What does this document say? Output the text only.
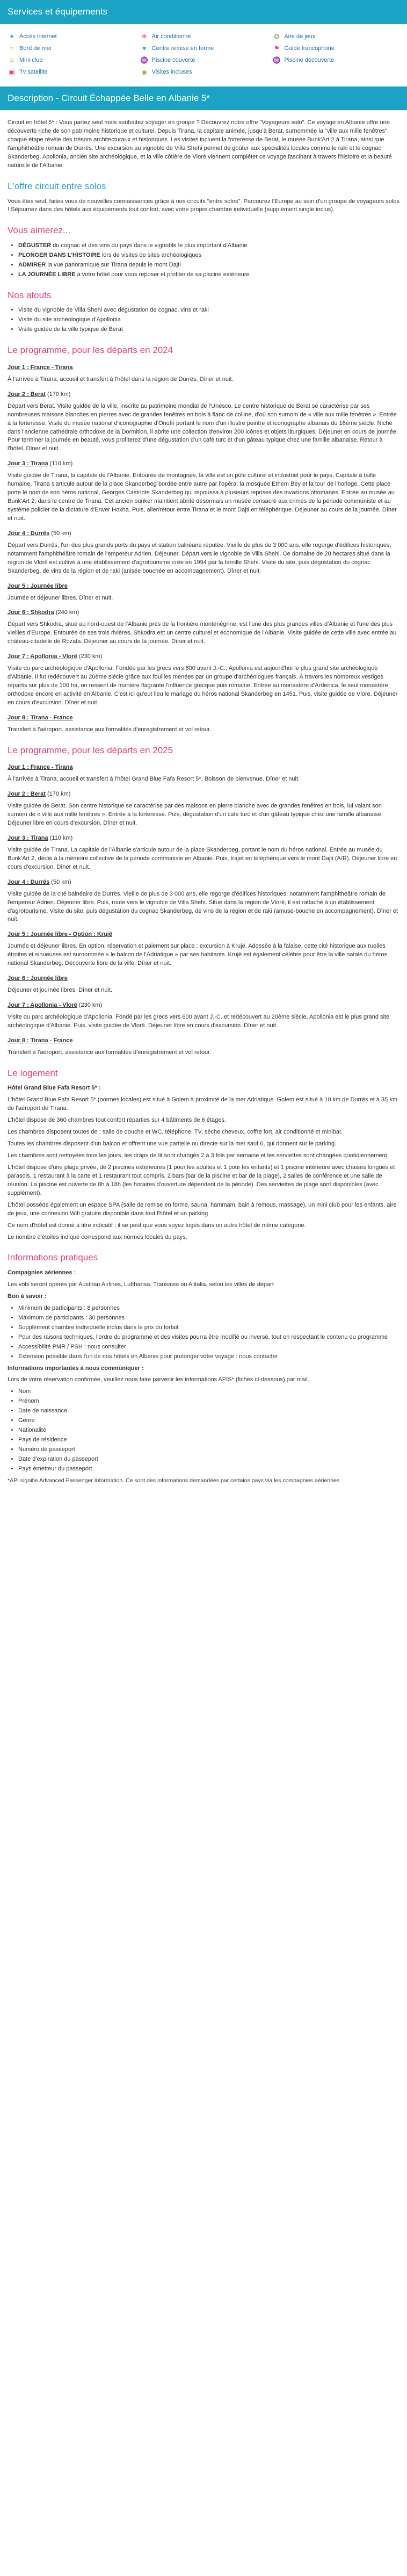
Services et équipements
✦ Accès internet	❄ Air conditionné	✪ Aire de jeux
≈ Bord de mer	♥ Centre remise en forme	⚑ Guide francophone
☺ Mini club	♒ Piscine couverte	♒ Piscine découverte
▣ Tv satellite	◉ Visites incluses
Description - Circuit Échappée Belle en Albanie 5*

Circuit en hôtel 5* : Vous partez seul mais souhaitez voyager en groupe ? Découvrez notre offre "Voyageurs solo". Ce voyage en Albanie offre une découverte riche de son patrimoine historique et culturel. Depuis Tirana, la capitale animée, jusqu'à Berat, surnommée la "ville aux mille fenêtres", chaque étape révèle des trésors architecturaux et historiques. Les visites incluent la forteresse de Berat, le musée Bunk'Art 2 à Tirana, ainsi que l'amphithéâtre romain de Durrës. Une excursion au vignoble de Villa Shehi permet de goûter aux spécialités locales comme le raki et le cognac Skanderbeg. Apollonia, ancien site archéologique, et la ville côtière de Vlorë viennent compléter ce voyage fascinant à travers l'histoire et la beauté naturelle de l'Albanie.

L'offre circuit entre solos

Vous êtes seul, faites vous de nouvelles connaissances grâce à nos circuits "entre solos". Parcourez l'Europe au sein d'un groupe de voyageurs solos ! Séjournez dans des hôtels aux équipements tout confort, avec votre propre chambre individuelle (supplément single inclus).

Vous aimerez...
• DÉGUSTER du cognac et des vins du pays dans le vignoble le plus important d'Albanie
• PLONGER DANS L'HISTOIRE lors de visites de sites archéologiques
• ADMIRER la vue panoramique sur Tirana depuis le mont Dajti
• LA JOURNÉE LIBRE à votre hôtel pour vous reposer et profiter de sa piscine extérieure
Nos atouts
• Visite du vignoble de Villa Shehi avec dégustation de cognac, vins et raki
• Visite du site archéologique d'Apollonia
• Visite guidée de la ville typique de Berat
Le programme, pour les départs en 2024
Jour 1 : France - Tirana

À l'arrivée à Tirana, accueil et transfert à l'hôtel dans la région de Durrës. Dîner et nuit.

Jour 2 : Berat (170 km)

Départ vers Berat. Visite guidée de la ville, inscrite au patrimoine mondial de l'Unesco. Le centre historique de Berat se caractérise par ses nombreuses maisons blanches en pierres avec de grandes fenêtres en bois à flanc de colline, d'où son surnom de « ville aux mille fenêtres ». Entrée à la forteresse. Visite du musée national d'iconographie d'Onufri portant le nom d'un illustre peintre et iconographe albanais du 16ème siècle. Niché dans l'ancienne cathédrale orthodoxe de la Dormition, il abrite une collection d'environ 200 icônes et objets liturgiques. Déjeuner en cours de journée. Pour terminer la journée en beauté, vous profiterez d'une dégustation d'un café turc et d'un gâteau typique chez une famille albanaise. Retour à l'hôtel. Dîner et nuit.

Jour 3 : Tirana (110 km)

Visite guidée de Tirana, la capitale de l'Albanie. Entourée de montagnes, la ville est un pôle culturel et industriel pour le pays. Capitale à taille humaine, Tirana s'articule autour de la place Skanderbeg bordée entre autre par l'opéra, la mosquée Ethem Bey et la tour de l'horloge. Cette place porte le nom de son héros national, Georges Castriote Skanderbeg qui repoussa à plusieurs reprises des invasions ottomanes. Entrée au musée au Bunk'Art 2, dans le centre de Tirana. Cet ancien bunker maintient abrité désormais un musée consacré aux crimes de la période communiste et au système policier de la dictature d'Enver Hoxha. Puis, aller/retour entre Tirana et le mont Dajti en téléphérique. Déjeuner au cours de la journée. Dîner et nuit.

Jour 4 : Durrës (50 km)

Départ vers Durrës, l'un des plus grands ports du pays et station balnéaire réputée. Vieille de plus de 3 000 ans, elle regorge d'édifices historiques, notamment l'amphithéâtre romain de l'empereur Adrien. Déjeuner. Départ vers le vignoble de Villa Shehi. Ce domaine de 20 hectares situé dans la région de Vlorë est cultivé à une établissement d'agrotourisme créé en 1994 par la famille Shehi. Visite du site, puis dégustation du cognac Skanderbeg, de vins de la région et de raki (anisée bouchée en accompagnement). Dîner et nuit.

Jour 5 : Journée libre

Journée et déjeuner libres. Dîner et nuit.

Jour 6 : Shkodra (240 km)

Départ vers Shkodra, situé au nord-ouest de l'Albanie près de la frontière monténégrine, est l'une des plus grandes villes d'Albanie et l'une des plus vieilles d'Europe. Entourée de ses trois rivières, Shkodra est un centre culturel et économique de l'Albanie. Visite guidée de cette ville avec entrée au château-citadelle de Rozafa. Déjeuner au cours de la journée. Dîner et nuit.

Jour 7 : Apollonia - Vlorë (230 km)

Visite du parc archéologique d'Apollonia. Fondée par les grecs vers 600 avant J.-C., Apollonia est aujourd'hui le plus grand site archéologique d'Albanie. Il fut redécouvert au 20ème siècle grâce aux fouilles menées par un groupe d'archéologues français. À travers les nombreux vestiges répartis sur plus de 100 ha, on ressent de manière flagrante l'influence grecque puis romaine. Entrée au monastère d'Ardenica, le seul monastère orthodoxe encore en activité en Albanie. C'est ici qu'eut lieu le mariage du héros national Skanderbeg en 1451. Puis, visite guidée de Vlorë. Déjeuner en cours d'excursion. Dîner et nuit.

Jour 8 : Tirana - France

Transfert à l'aéroport, assistance aux formalités d'enregistrement et vol retour.

Le programme, pour les départs en 2025
Jour 1 : France - Tirana

À l'arrivée à Tirana, accueil et transfert à l'hôtel Grand Blue Fafa Resort 5*. Boisson de bienvenue. Dîner et nuit.

Jour 2 : Berat (170 km)

Visite guidée de Berat. Son centre historique se caractérise par des maisons en pierre blanche avec de grandes fenêtres en bois, lui valant son surnom de « ville aux mille fenêtres ». Entrée à la forteresse. Puis, dégustation d'un café turc et d'un gâteau typique chez une famille albanaise. Déjeuner libre en cours d'excursion. Dîner et nuit.

Jour 3 : Tirana (110 km)

Visite guidée de Tirana. La capitale de l'Albanie s'articule autour de la place Skanderbeg, portant le nom du héros national. Entrée au musée du Bunk'Art 2, dédié à la mémoire collective de la période communiste en Albanie. Puis, trajet en téléphérique vers le mont Dajti (A/R). Déjeuner libre en cours d'excursion. Dîner et nuit.

Jour 4 : Durrës (50 km)

Visite guidée de la cité balnéaire de Durrës. Vieille de plus de 3 000 ans, elle regorge d'édifices historiques, notamment l'amphithéâtre romain de l'empereur Adrien. Déjeuner libre. Puis, route vers le vignoble de Villa Shehi. Situé dans la région de Vlorë, il est rattaché à un établissement d'agrotourisme. Visite du site, puis dégustation du cognac Skanderbeg, de vins de la région et de raki (amuse-bouche en accompagnement). Dîner et nuit.

Jour 5 : Journée libre - Option : Krujë

Journée et déjeuner libres. En option, réservation et paiement sur place : excursion à Krujë. Adossée à la falaise, cette cité historique aux ruelles étroites et sinueuses est surnommée « le balcon de l'Adriatique » par ses habitants. Krujë est également célèbre pour être la ville natale du héros national Skanderbeg. Découverte libre de la ville. Dîner et nuit.

Jour 6 : Journée libre

Déjeuner et journée libres. Dîner et nuit.

Jour 7 : Apollonia - Vlorë (230 km)

Visite du parc archéologique d'Apollonia. Fondé par les grecs vers 600 avant J.-C. et redécouvert au 20ème siècle, Apollonia est le plus grand site archéologique d'Albanie. Puis, visite guidée de Vlorë. Déjeuner libre en cours d'excursion. Dîner et nuit.

Jour 8 : Tirana - France

Transfert à l'aéroport, assistance aux formalités d'enregistrement et vol retour.

Le logement

Hôtel Grand Blue Fafa Resort 5* :

L'hôtel Grand Blue Fafa Resort 5* (normes locales) est situé à Golem à proximité de la mer Adriatique. Golem est situé à 10 km de Durrës et à 35 km de l'aéroport de Tirana.

L'hôtel dispose de 360 chambres tout confort réparties sur 4 bâtiments de 6 étages.

Les chambres disposent toutes de : salle de douche et WC, téléphone, TV, sèche cheveux, coffre fort, air conditionné et minibar.

Toutes les chambres disposent d'un balcon et offrent une vue partielle ou directe sur la mer sauf 6, qui donnent sur le parking.

Les chambres sont nettoyées tous les jours, les draps de lit sont changés 2 à 3 fois par semaine et les serviettes sont changées quotidiennement.

L'hôtel dispose d'une plage privée, de 2 piscines extérieures (1 pour les adultes et 1 pour les enfants) et 1 piscine intérieure avec chaises longues et parasols, 1 restaurant à la carte et 1 restaurant tout compris, 2 bars (bar de la piscine et bar de la plage), 2 salles de conférence et une salle de réunion. La piscine est ouverte de 8h à 18h (les horaires d'ouverture dépendent de la période). Des serviettes de plage sont disponibles (avec supplément).

L'hôtel possède également un espace SPA (salle de remise en forme, sauna, hammam, bain à remous, massage), un mini club pour les enfants, aire de jeux, une connexion Wifi gratuite disponible dans tout l'hôtel et un parking

Ce nom d'hôtel est donné à titre indicatif : il se peut que vous soyez logés dans un autre hôtel de même catégorie.

Le nombre d'étoiles indiqué correspond aux normes locales du pays.

Informations pratiques

Compagnies aériennes :

Les vols seront opérés par Austrian Airlines, Lufthansa, Transavia ou Alitalia, selon les villes de départ

Bon à savoir :

• Minimum de participants : 8 personnes
• Maximum de participants : 30 personnes
• Supplément chambre individuelle inclus dans le prix du forfait
• Pour des raisons techniques, l'ordre du programme et des visites pourra être modifié ou inversé, tout en respectant le contenu du programme
• Accessibilité PMR / PSH : nous consulter
• Extension possible dans l'un de nos hôtels en Albanie pour prolonger votre voyage : nous contacter

Informations importantes à nous communiquer :

Lors de votre réservation confirmée, veuillez nous faire parvenir les informations APIS* (fiches ci-dessous) par mail.

• Nom
• Prénom
• Date de naissance
• Genre
• Nationalité
• Pays de résidence
• Numéro de passeport
• Date d'expiration du passeport
• Pays émetteur du passeport

*API signifie Advanced Passenger Information. Ce sont des informations demandées par certains pays via les compagnies aériennes.
